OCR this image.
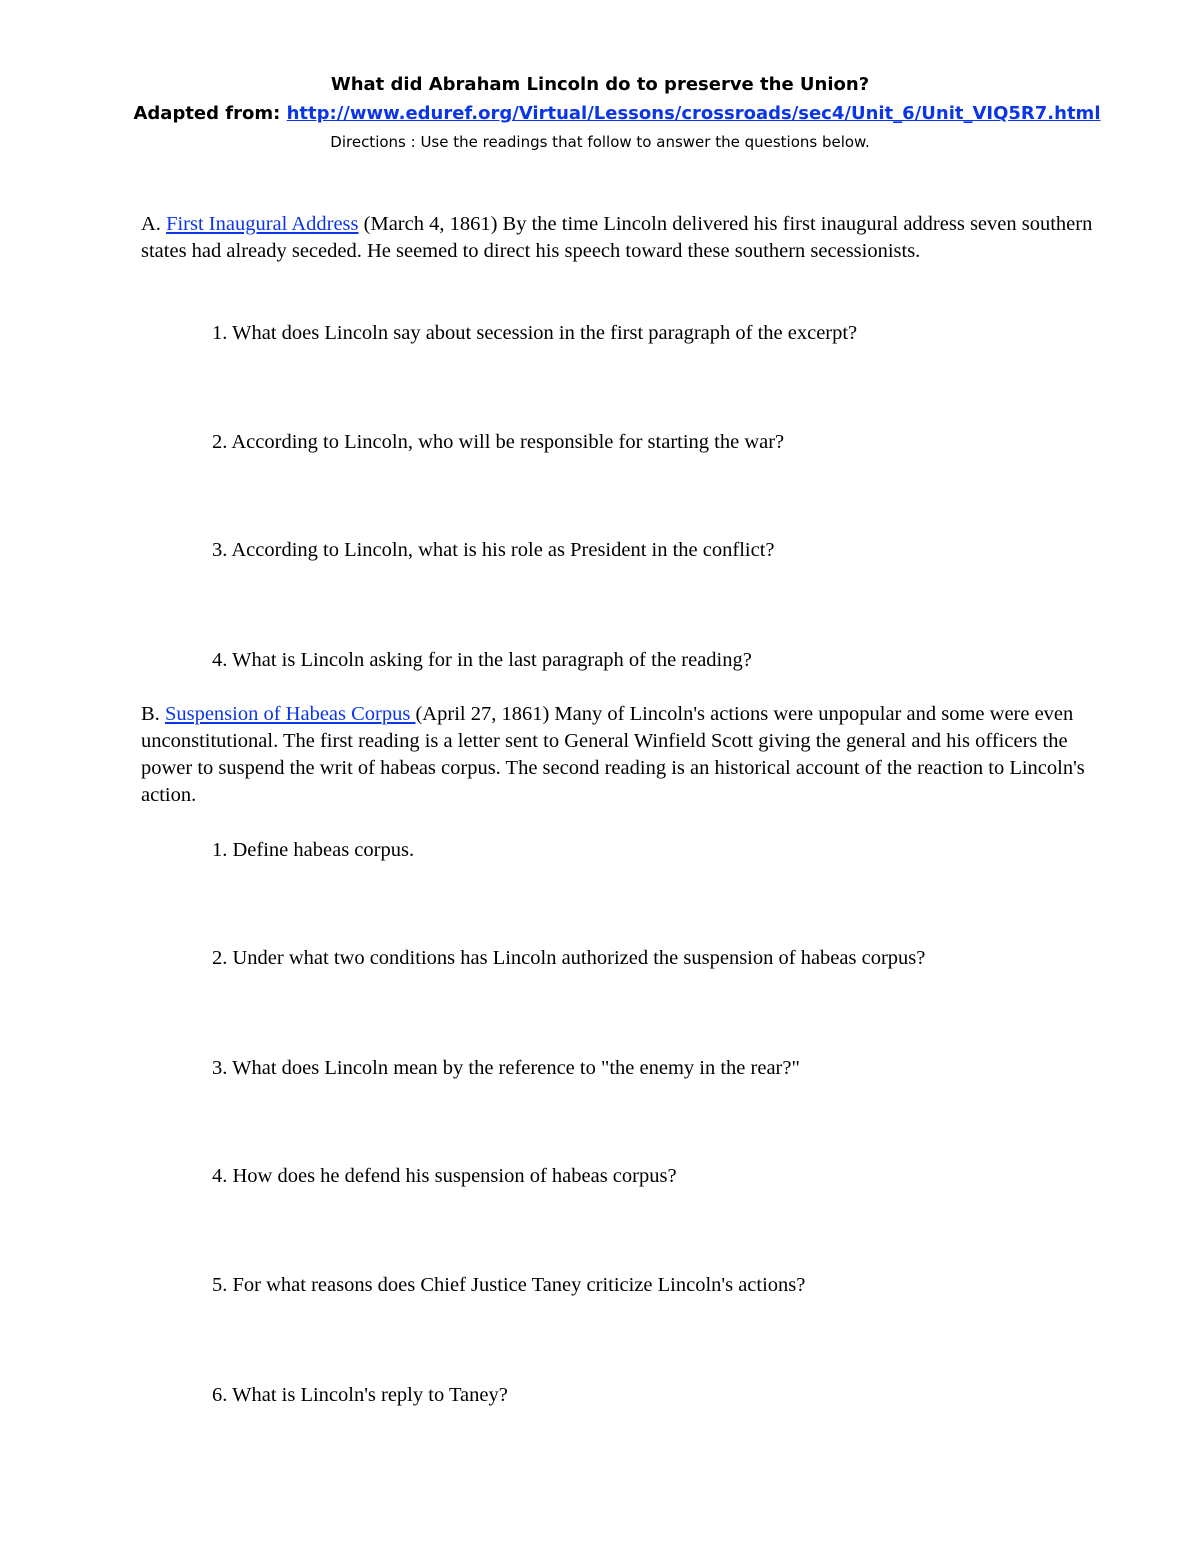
What did Abraham Lincoln do to preserve the Union?
Adapted from: http://www.eduref.org/Virtual/Lessons/crossroads/sec4/Unit_6/Unit_VIQ5R7.html
Directions : Use the readings that follow to answer the questions below.
A. First Inaugural Address (March 4, 1861) By the time Lincoln delivered his first inaugural address seven southern states had already seceded. He seemed to direct his speech toward these southern secessionists.
1. What does Lincoln say about secession in the first paragraph of the excerpt?
2. According to Lincoln, who will be responsible for starting the war?
3. According to Lincoln, what is his role as President in the conflict?
4. What is Lincoln asking for in the last paragraph of the reading?
B. Suspension of Habeas Corpus (April 27, 1861) Many of Lincoln's actions were unpopular and some were even unconstitutional. The first reading is a letter sent to General Winfield Scott giving the general and his officers the power to suspend the writ of habeas corpus. The second reading is an historical account of the reaction to Lincoln's action.
1. Define habeas corpus.
2. Under what two conditions has Lincoln authorized the suspension of habeas corpus?
3. What does Lincoln mean by the reference to "the enemy in the rear?"
4. How does he defend his suspension of habeas corpus?
5. For what reasons does Chief Justice Taney criticize Lincoln's actions?
6. What is Lincoln's reply to Taney?
